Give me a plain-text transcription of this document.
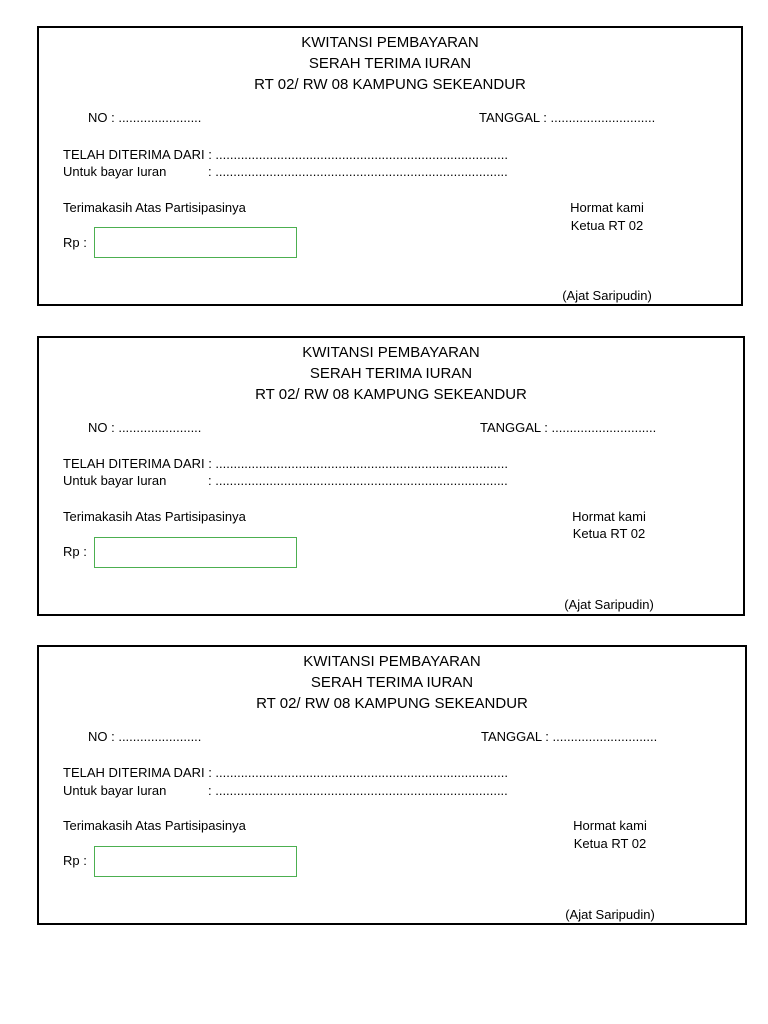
KWITANSI PEMBAYARAN
SERAH TERIMA IURAN
RT 02/ RW 08 KAMPUNG SEKEANDUR
NO : .......................	TANGGAL : .............................
TELAH DITERIMA DARI : .................................................................................
Untuk bayar Iuran	: .................................................................................
Terimakasih Atas Partisipasinya	Hormat kami
Ketua RT 02
Rp :
(Ajat Saripudin)
KWITANSI PEMBAYARAN
SERAH TERIMA IURAN
RT 02/ RW 08 KAMPUNG SEKEANDUR
NO : .......................	TANGGAL : .............................
TELAH DITERIMA DARI : .................................................................................
Untuk bayar Iuran	: .................................................................................
Terimakasih Atas Partisipasinya	Hormat kami
Ketua RT 02
Rp :
(Ajat Saripudin)
KWITANSI PEMBAYARAN
SERAH TERIMA IURAN
RT 02/ RW 08 KAMPUNG SEKEANDUR
NO : .......................	TANGGAL : .............................
TELAH DITERIMA DARI : .................................................................................
Untuk bayar Iuran	: .................................................................................
Terimakasih Atas Partisipasinya	Hormat kami
Ketua RT 02
Rp :
(Ajat Saripudin)
